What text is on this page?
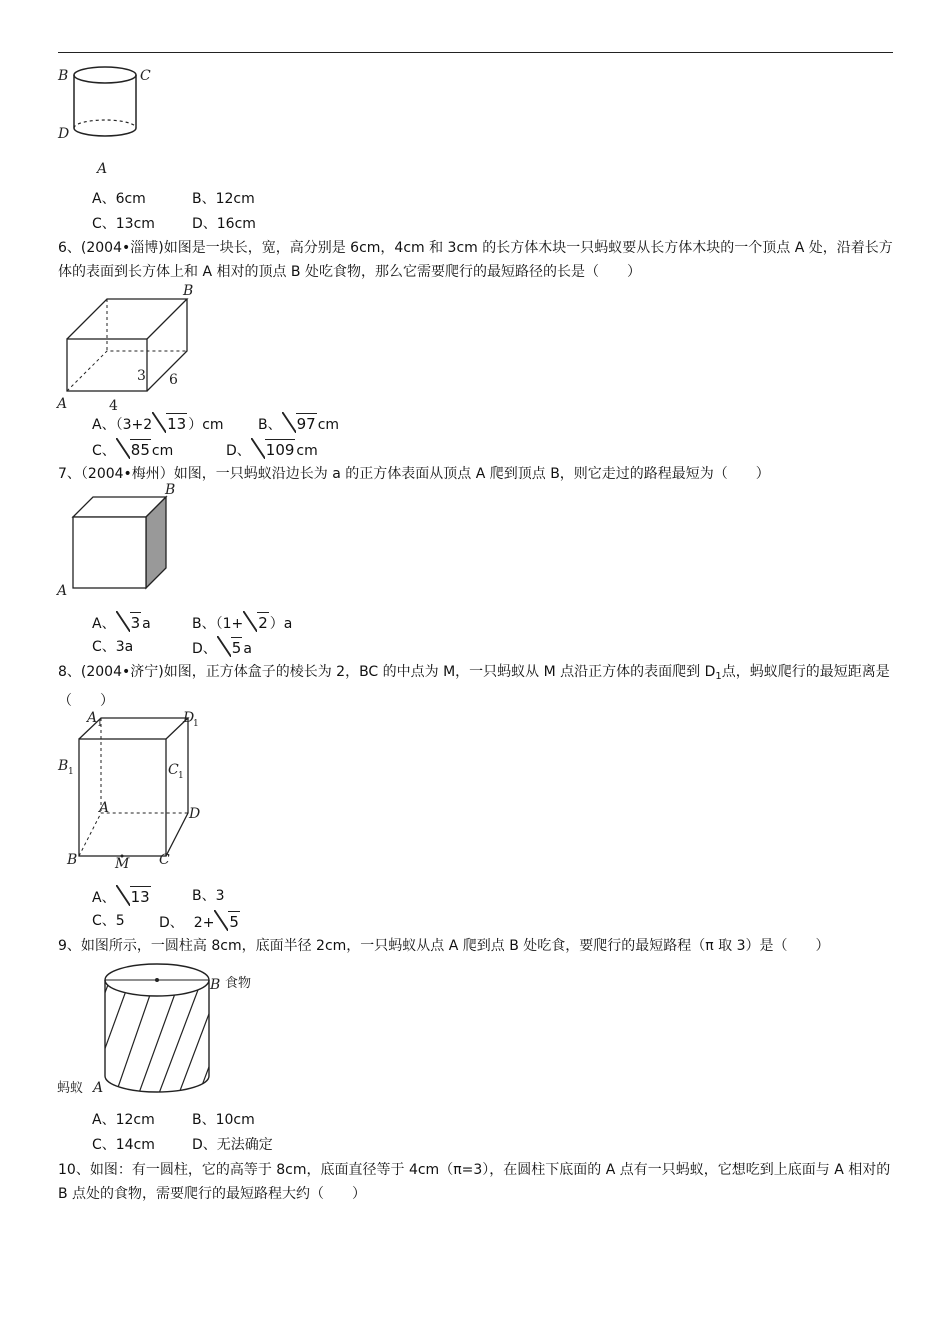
B	C
D
A
A、6cm	B、12cm
C、13cm	D、16cm
6、(2004•淄博)如图是一块长，宽，高分别是 6cm，4cm 和 3cm 的长方体木块一只蚂蚁要从长方体木块的一个顶点 A 处，沿着长方体的表面到长方体上和 A 相对的顶点 B 处吃食物，那么它需要爬行的最短路径的长是（　　）
B
A	4
3 6
A、（3+2 13 ）cm B、 97 cm
C、 85 cm	D、 109 cm
7、（2004•梅州）如图，一只蚂蚁沿边长为 a 的正方体表面从顶点 A 爬到顶点 B，则它走过的路程最短为（　　）
B
A
A、 3 a	B、（1+ 2 ）a
C、3a	D、 5 a
8、(2004•济宁)如图，正方体盒子的棱长为 2，BC 的中点为 M，一只蚂蚁从 M 点沿正方体的表面爬到 $D_1$点，蚂蚁爬行的最短距离是（　　）
A 1	D
1
B 1	C 1
A	D
B	M C
A、 13	B、3
C、5 D、 2+ 5
9、如图所示，一圆柱高 8cm，底面半径 2cm，一只蚂蚁从点 A 爬到点 B 处吃食，要爬行的最短路程（π 取 3）是（　　）
B 食物
蚂蚁 A
A、12cm	B、10cm
C、14cm	D、无法确定
10、如图：有一圆柱，它的高等于 8cm，底面直径等于 4cm（π=3），在圆柱下底面的 A 点有一只蚂蚁，它想吃到上底面与 A 相对的 B 点处的食物，需要爬行的最短路程大约（　　）
